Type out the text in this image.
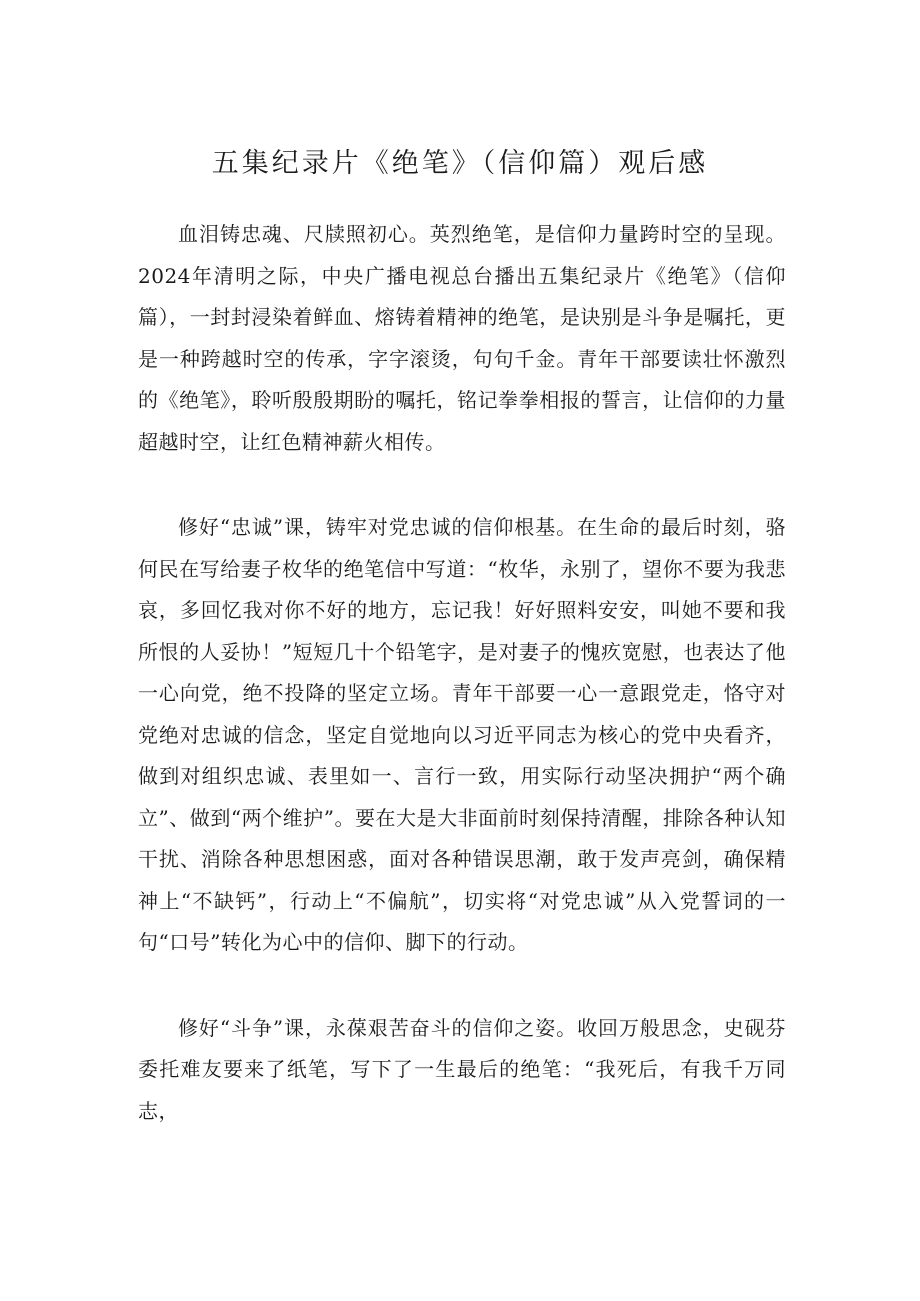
五集纪录片《绝笔》（信仰篇）观后感

血泪铸忠魂、尺牍照初心。英烈绝笔，是信仰力量跨时空的呈现。2024年清明之际，中央广播电视总台播出五集纪录片《绝笔》（信仰篇），一封封浸染着鲜血、熔铸着精神的绝笔，是诀别是斗争是嘱托，更是一种跨越时空的传承，字字滚烫，句句千金。青年干部要读壮怀激烈的《绝笔》，聆听殷殷期盼的嘱托，铭记拳拳相报的誓言，让信仰的力量超越时空，让红色精神薪火相传。

修好“忠诚”课，铸牢对党忠诚的信仰根基。在生命的最后时刻，骆何民在写给妻子枚华的绝笔信中写道：“枚华，永别了，望你不要为我悲哀，多回忆我对你不好的地方，忘记我！好好照料安安，叫她不要和我所恨的人妥协！”短短几十个铅笔字，是对妻子的愧疚宽慰，也表达了他一心向党，绝不投降的坚定立场。青年干部要一心一意跟党走，恪守对党绝对忠诚的信念，坚定自觉地向以习近平同志为核心的党中央看齐，做到对组织忠诚、表里如一、言行一致，用实际行动坚决拥护“两个确立”、做到“两个维护”。要在大是大非面前时刻保持清醒，排除各种认知干扰、消除各种思想困惑，面对各种错误思潮，敢于发声亮剑，确保精神上“不缺钙”，行动上“不偏航”，切实将“对党忠诚”从入党誓词的一句“口号”转化为心中的信仰、脚下的行动。

修好“斗争”课，永葆艰苦奋斗的信仰之姿。收回万般思念，史砚芬委托难友要来了纸笔，写下了一生最后的绝笔：“我死后，有我千万同志，
